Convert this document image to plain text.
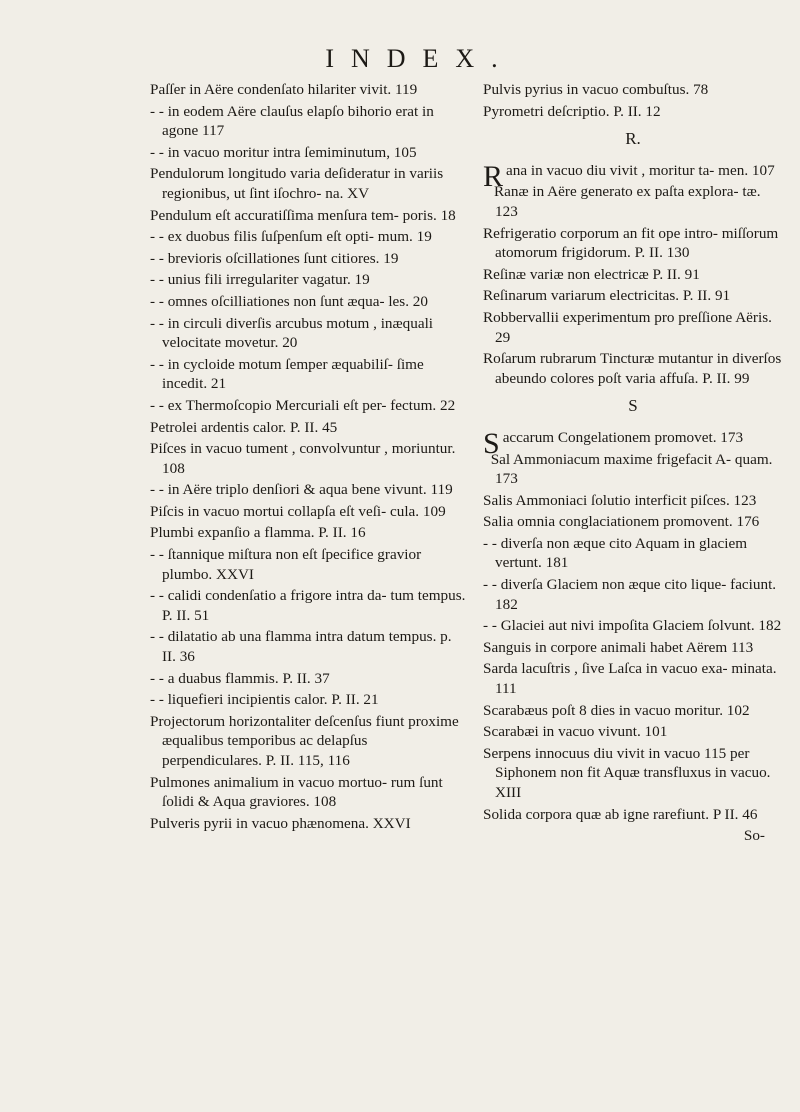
INDEX.

Paſſer in Aëre condenſato hilariter vivit. 119

- - in eodem Aëre clauſus elapſo bihorio erat in agone 117

- - in vacuo moritur intra ſemiminutum, 105

Pendulorum longitudo varia deſideratur in variis regionibus, ut ſint iſochro- na. XV

Pendulum eſt accuratiſſima menſura tem- poris. 18

- - ex duobus filis ſuſpenſum eſt opti- mum. 19

- - brevioris oſcillationes ſunt citiores. 19

- - unius fili irregulariter vagatur. 19

- - omnes oſcilliationes non ſunt æqua- les. 20

- - in circuli diverſis arcubus motum , inæquali velocitate movetur. 20

- - in cycloide motum ſemper æquabiliſ- ſime incedit. 21

- - ex Thermoſcopio Mercuriali eſt per- fectum. 22

Petrolei ardentis calor. P. II. 45

Piſces in vacuo tument , convolvuntur , moriuntur. 108

- - in Aëre triplo denſiori & aqua bene vivunt. 119

Piſcis in vacuo mortui collapſa eſt veſi- cula. 109

Plumbi expanſio a flamma. P. II. 16

- - ſtannique miſtura non eſt ſpecifice gravior plumbo. XXVI

- - calidi condenſatio a frigore intra da- tum tempus. P. II. 51

- - dilatatio ab una flamma intra datum tempus. p. II. 36

- - a duabus flammis. P. II. 37

- - liquefieri incipientis calor. P. II. 21

Projectorum horizontaliter deſcenſus fiunt proxime æqualibus temporibus ac delapſus perpendiculares. P. II. 115, 116

Pulmones animalium in vacuo mortuo- rum ſunt ſolidi & Aqua graviores. 108

Pulveris pyrii in vacuo phænomena. XXVI

Pulvis pyrius in vacuo combuſtus. 78

Pyrometri deſcriptio. P. II. 12

R.

Rana in vacuo diu vivit , moritur ta- men. 107

Ranæ in Aëre generato ex paſta explora- tæ. 123

Refrigeratio corporum an fit ope intro- miſſorum atomorum frigidorum. P. II. 130

Reſinæ variæ non electricæ P. II. 91

Reſinarum variarum electricitas. P. II. 91

Robbervallii experimentum pro preſſione Aëris. 29

Roſarum rubrarum Tincturæ mutantur in diverſos abeundo colores poſt varia affuſa. P. II. 99

S

Saccarum Congelationem promovet. 173

Sal Ammoniacum maxime frigefacit A- quam. 173

Salis Ammoniaci ſolutio interficit piſces. 123

Salia omnia conglaciationem promovent. 176

- - diverſa non æque cito Aquam in glaciem vertunt. 181

- - diverſa Glaciem non æque cito lique- faciunt. 182

- - Glaciei aut nivi impoſita Glaciem ſolvunt. 182

Sanguis in corpore animali habet Aërem 113

Sarda lacuſtris , ſive Laſca in vacuo exa- minata. 111

Scarabæus poſt 8 dies in vacuo moritur. 102

Scarabæi in vacuo vivunt. 101

Serpens innocuus diu vivit in vacuo 115 per Siphonem non fit Aquæ transfluxus in vacuo. XIII

Solida corpora quæ ab igne rarefiunt. P II. 46

So-
